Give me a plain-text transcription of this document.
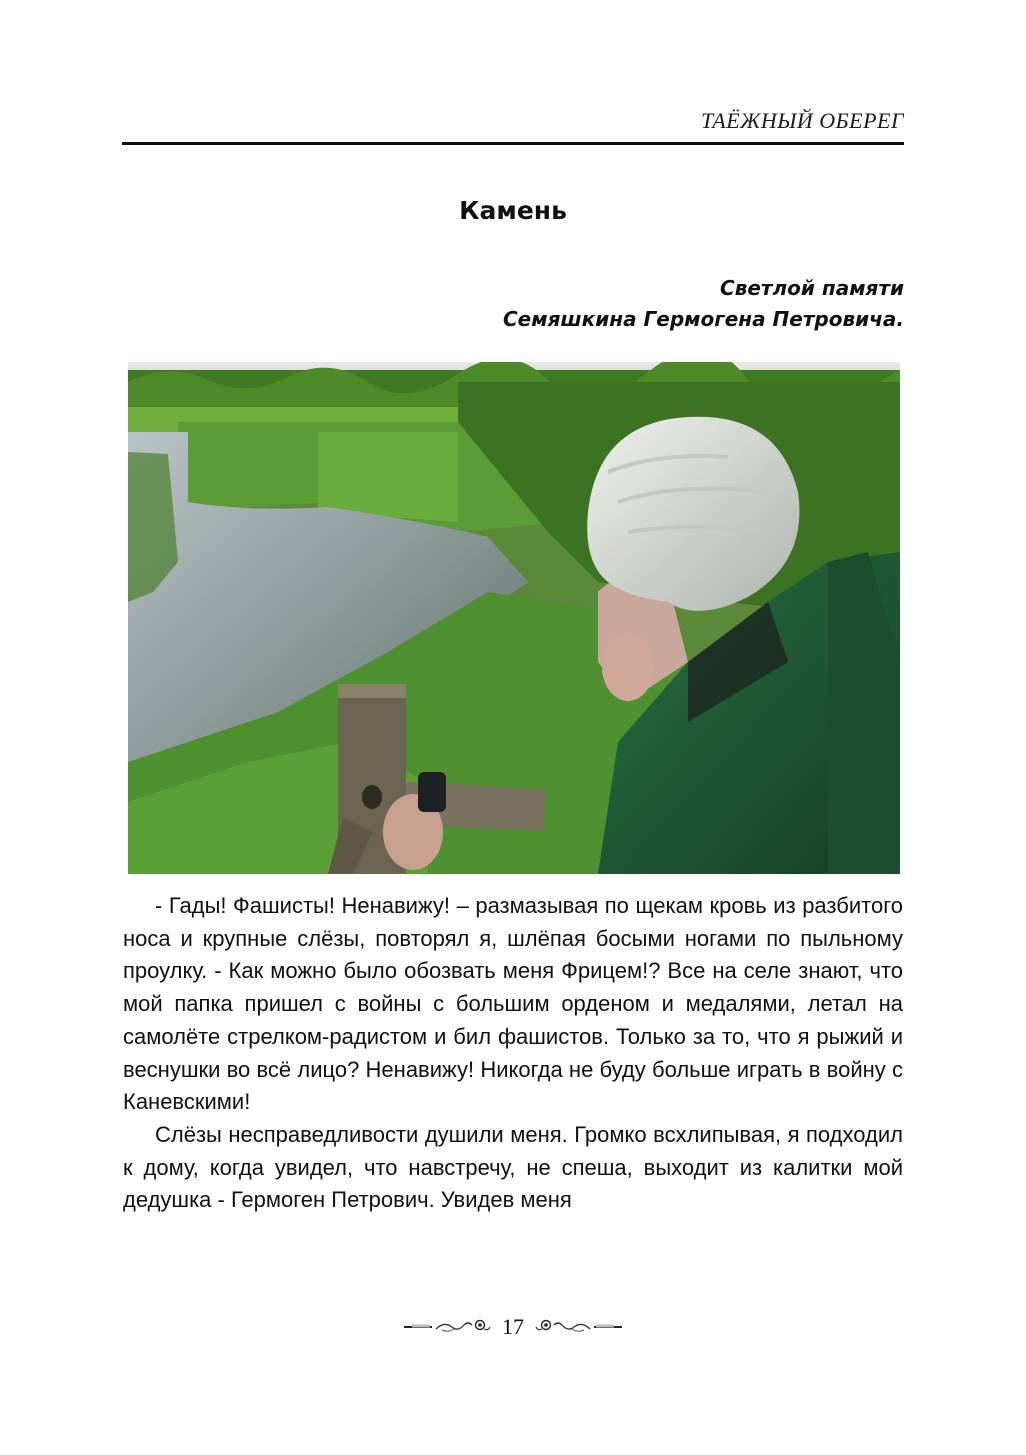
ТАЁЖНЫЙ ОБЕРЕГ
Камень
Светлой памяти
Семяшкина Гермогена Петровича.

- Гады! Фашисты! Ненавижу! – размазывая по щекам кровь из разбитого носа и крупные слёзы, повторял я, шлёпая босыми ногами по пыльному проулку. - Как можно было обозвать меня Фрицем!? Все на селе знают, что мой папка пришел с войны с большим орденом и медалями, летал на самолёте стрелком-радистом и бил фашистов. Только за то, что я рыжий и веснушки во всё лицо? Ненавижу! Никогда не буду больше играть в войну с Каневскими!

Слёзы несправедливости душили меня. Громко всхлипывая, я подходил к дому, когда увидел, что навстречу, не спеша, выходит из калитки мой дедушка - Гермоген Петрович. Увидев меня

17
